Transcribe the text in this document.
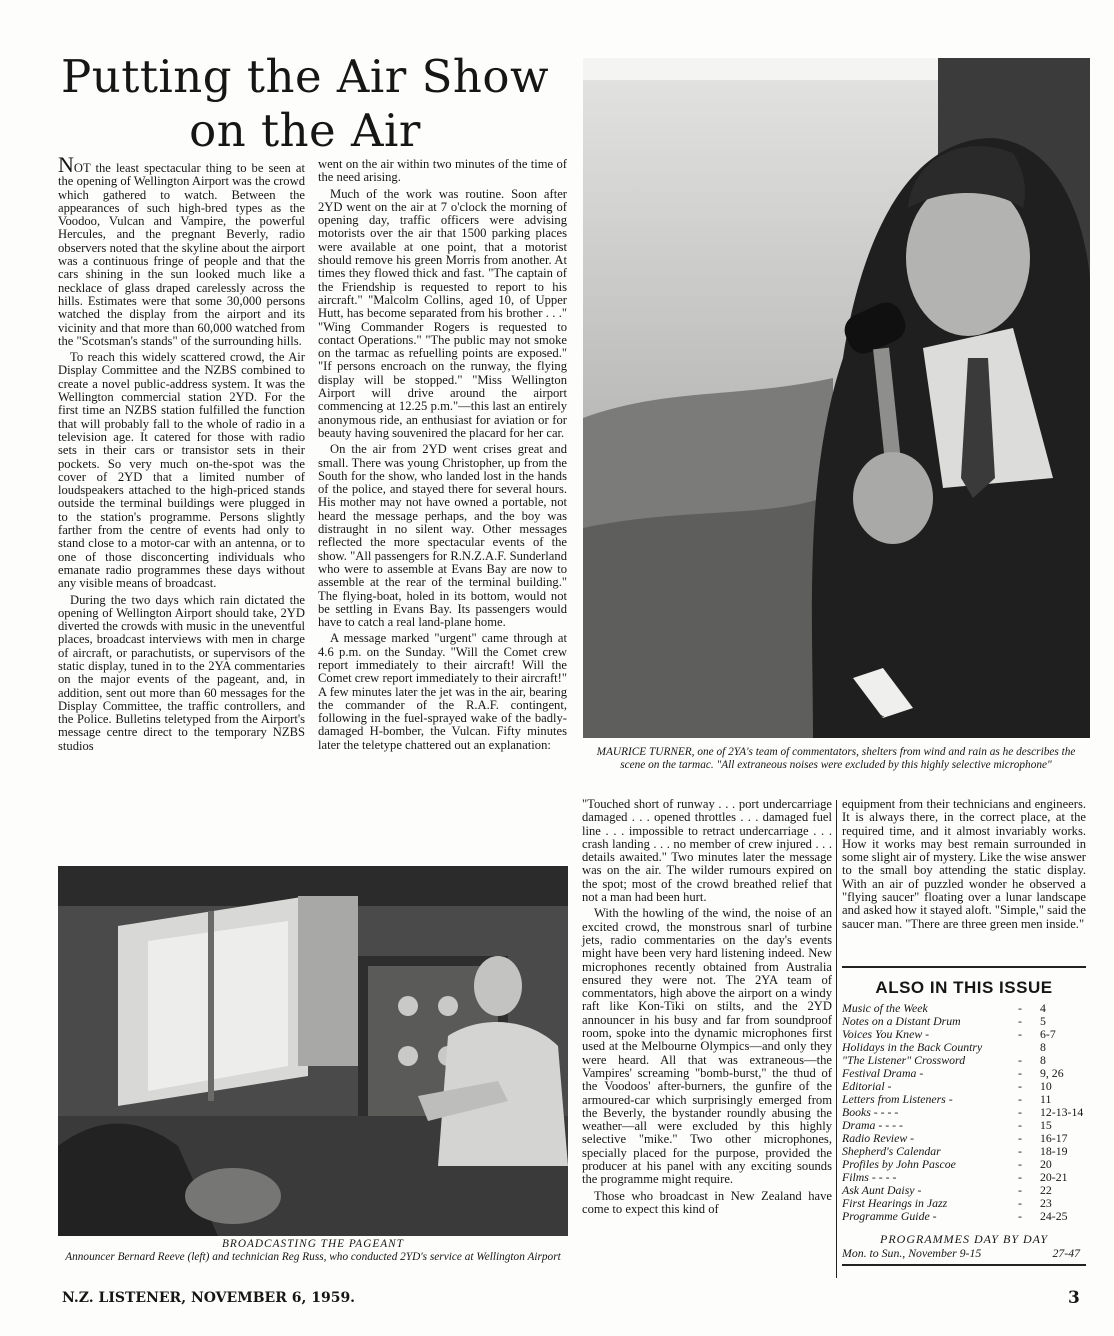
Putting the Air Show
on the Air

NOT the least spectacular thing to be seen at the opening of Wellington Airport was the crowd which gathered to watch. Between the appearances of such high-bred types as the Voodoo, Vulcan and Vampire, the powerful Hercules, and the pregnant Beverly, radio observers noted that the skyline about the airport was a continuous fringe of people and that the cars shining in the sun looked much like a necklace of glass draped carelessly across the hills. Estimates were that some 30,000 persons watched the display from the airport and its vicinity and that more than 60,000 watched from the "Scotsman's stands" of the surrounding hills.

To reach this widely scattered crowd, the Air Display Committee and the NZBS combined to create a novel public-address system. It was the Wellington commercial station 2YD. For the first time an NZBS station fulfilled the function that will probably fall to the whole of radio in a television age. It catered for those with radio sets in their cars or transistor sets in their pockets. So very much on-the-spot was the cover of 2YD that a limited number of loudspeakers attached to the high-priced stands outside the terminal buildings were plugged in to the station's programme. Persons slightly farther from the centre of events had only to stand close to a motor-car with an antenna, or to one of those disconcerting individuals who emanate radio programmes these days without any visible means of broadcast.

During the two days which rain dictated the opening of Wellington Airport should take, 2YD diverted the crowds with music in the uneventful places, broadcast interviews with men in charge of aircraft, or parachutists, or supervisors of the static display, tuned in to the 2YA commentaries on the major events of the pageant, and, in addition, sent out more than 60 messages for the Display Committee, the traffic controllers, and the Police. Bulletins teletyped from the Airport's message centre direct to the temporary NZBS studios

went on the air within two minutes of the time of the need arising.

Much of the work was routine. Soon after 2YD went on the air at 7 o'clock the morning of opening day, traffic officers were advising motorists over the air that 1500 parking places were available at one point, that a motorist should remove his green Morris from another. At times they flowed thick and fast. "The captain of the Friendship is requested to report to his aircraft." "Malcolm Collins, aged 10, of Upper Hutt, has become separated from his brother . . ." "Wing Commander Rogers is requested to contact Operations." "The public may not smoke on the tarmac as refuelling points are exposed." "If persons encroach on the runway, the flying display will be stopped." "Miss Wellington Airport will drive around the airport commencing at 12.25 p.m."—this last an entirely anonymous ride, an enthusiast for aviation or for beauty having souvenired the placard for her car.

On the air from 2YD went crises great and small. There was young Christopher, up from the South for the show, who landed lost in the hands of the police, and stayed there for several hours. His mother may not have owned a portable, not heard the message perhaps, and the boy was distraught in no silent way. Other messages reflected the more spectacular events of the show. "All passengers for R.N.Z.A.F. Sunderland who were to assemble at Evans Bay are now to assemble at the rear of the terminal building." The flying-boat, holed in its bottom, would not be settling in Evans Bay. Its passengers would have to catch a real land-plane home.

A message marked "urgent" came through at 4.6 p.m. on the Sunday. "Will the Comet crew report immediately to their aircraft! Will the Comet crew report immediately to their aircraft!" A few minutes later the jet was in the air, bearing the commander of the R.A.F. contingent, following in the fuel-sprayed wake of the badly-damaged H-bomber, the Vulcan. Fifty minutes later the teletype chattered out an explanation:

PRESS
MAURICE TURNER, one of 2YA's team of commentators, shelters from wind and rain as he describes the scene on the tarmac. "All extraneous noises were excluded by this highly selective microphone"

"Touched short of runway . . . port undercarriage damaged . . . opened throttles . . . damaged fuel line . . . impossible to retract undercarriage . . . crash landing . . . no member of crew injured . . . details awaited." Two minutes later the message was on the air. The wilder rumours expired on the spot; most of the crowd breathed relief that not a man had been hurt.

With the howling of the wind, the noise of an excited crowd, the monstrous snarl of turbine jets, radio commentaries on the day's events might have been very hard listening indeed. New microphones recently obtained from Australia ensured they were not. The 2YA team of commentators, high above the airport on a windy raft like Kon-Tiki on stilts, and the 2YD announcer in his busy and far from soundproof room, spoke into the dynamic microphones first used at the Melbourne Olympics—and only they were heard. All that was extraneous—the Vampires' screaming "bomb-burst," the thud of the Voodoos' after-burners, the gunfire of the armoured-car which surprisingly emerged from the Beverly, the bystander roundly abusing the weather—all were excluded by this highly selective "mike." Two other microphones, specially placed for the purpose, provided the producer at his panel with any exciting sounds the programme might require.

Those who broadcast in New Zealand have come to expect this kind of

equipment from their technicians and engineers. It is always there, in the correct place, at the required time, and it almost invariably works. How it works may best remain surrounded in some slight air of mystery. Like the wise answer to the small boy attending the static display. With an air of puzzled wonder he observed a "flying saucer" floating over a lunar landscape and asked how it stayed aloft. "Simple," said the saucer man. "There are three green men inside."

BROADCASTING THE PAGEANT
Announcer Bernard Reeve (left) and technician Reg Russ, who conducted 2YD's service at Wellington Airport
ALSO IN THIS ISSUE
Music of the Week	-	4
Notes on a Distant Drum	-	5
Voices You Knew -	-	6-7
Holidays in the Back Country		8
"The Listener" Crossword	-	8
Festival Drama -	-	9, 26
Editorial -	-	10
Letters from Listeners -	-	11
Books - - - -	-	12-13-14
Drama - - - -	-	15
Radio Review -	-	16-17
Shepherd's Calendar	-	18-19
Profiles by John Pascoe	-	20
Films - - - -	-	20-21
Ask Aunt Daisy -	-	22
First Hearings in Jazz	-	23
Programme Guide -	-	24-25
PROGRAMMES DAY BY DAY
Mon. to Sun., November 9-15	27-47
N.Z. LISTENER, NOVEMBER 6, 1959.	3
